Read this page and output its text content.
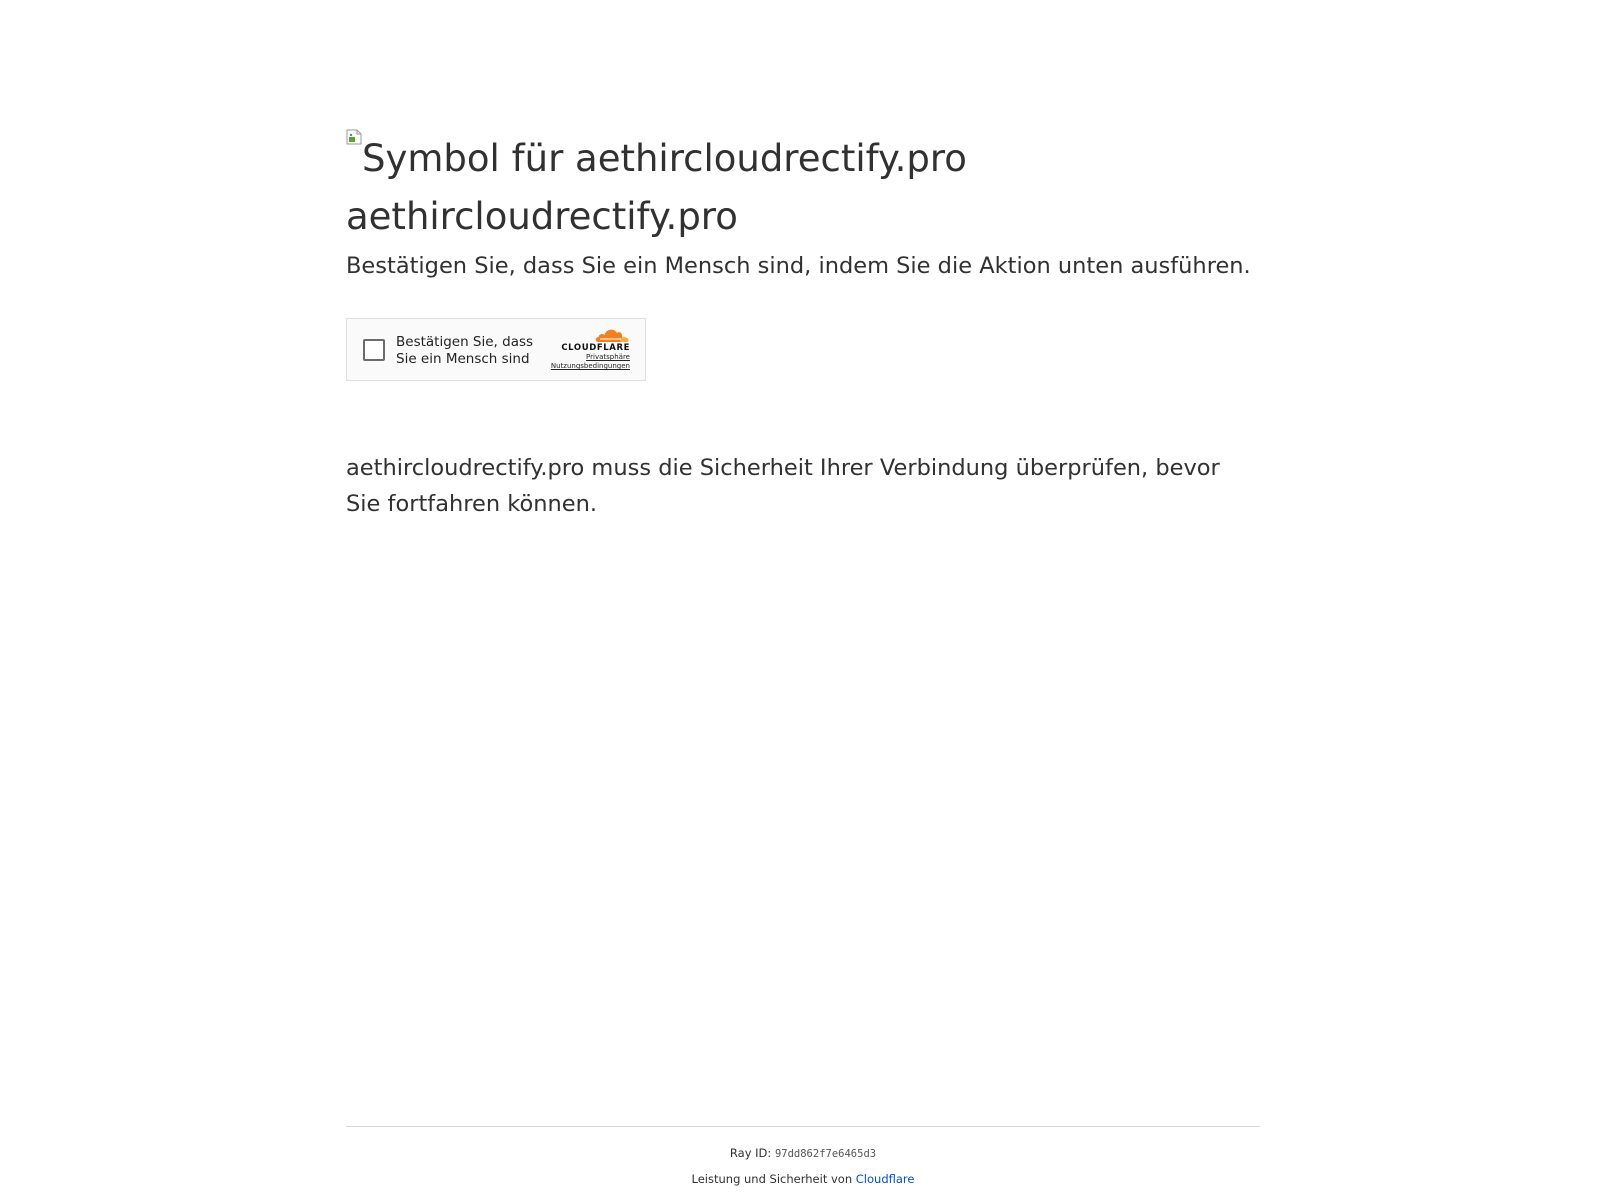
Symbol für aethircloudrectify.pro
aethircloudrectify.pro

Bestätigen Sie, dass Sie ein Mensch sind, indem Sie die Aktion unten ausführen.

Bestätigen Sie, dass Sie ein Mensch sind
CLOUDFLARE
Privatsphäre
Nutzungsbedingungen

aethircloudrectify.pro muss die Sicherheit Ihrer Verbindung überprüfen, bevor Sie fortfahren können.

Ray ID: 97dd862f7e6465d3
Leistung und Sicherheit von Cloudflare
